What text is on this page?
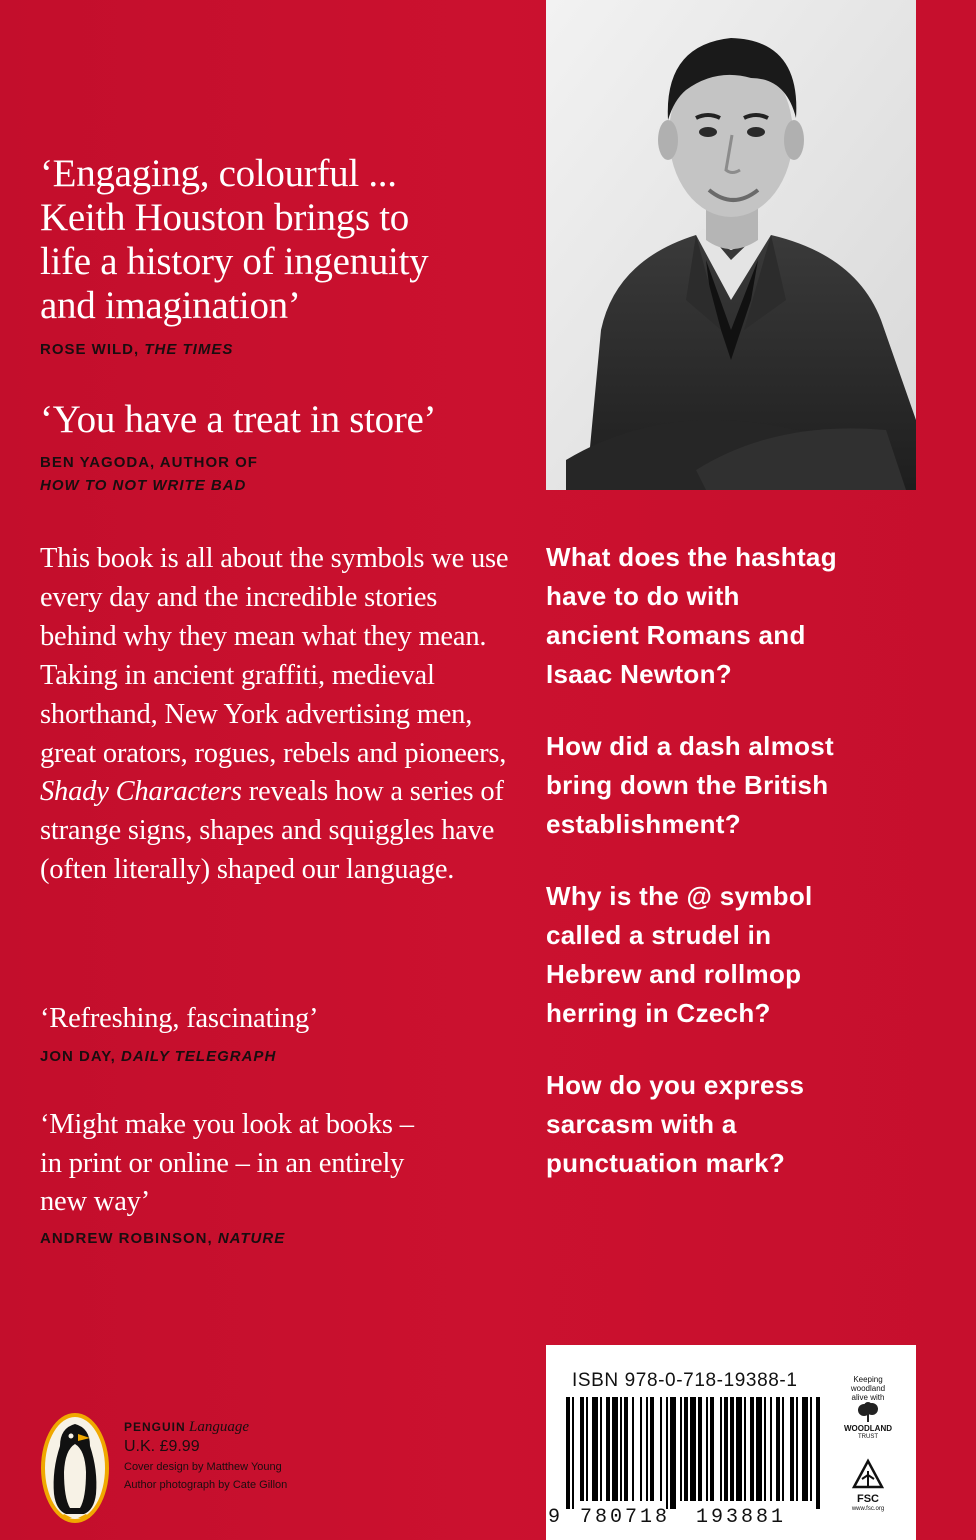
‘Engaging, colourful ...
Keith Houston brings to
life a history of ingenuity
and imagination’
ROSE WILD, THE TIMES
‘You have a treat in store’
BEN YAGODA, AUTHOR OF
HOW TO NOT WRITE BAD
This book is all about the symbols we use every day and the incredible stories behind why they mean what they mean. Taking in ancient graffiti, medieval shorthand, New York advertising men, great orators, rogues, rebels and pioneers, Shady Characters reveals how a series of strange signs, shapes and squiggles have (often literally) shaped our language.
‘Refreshing, fascinating’
JON DAY, DAILY TELEGRAPH
‘Might make you look at books –
in print or online – in an entirely
new way’
ANDREW ROBINSON, NATURE
What does the hashtag
have to do with
ancient Romans and
Isaac Newton?
How did a dash almost
bring down the British
establishment?
Why is the @ symbol
called a strudel in
Hebrew and rollmop
herring in Czech?
How do you express
sarcasm with a
punctuation mark?
PENGUIN Language
U.K. £9.99
Cover design by Matthew Young
Author photograph by Cate Gillon
ISBN 978-0-718-19388-1
9 780718 193881
Keeping
woodland
alive with
WOODLAND
TRUST
FSC
www.fsc.org
